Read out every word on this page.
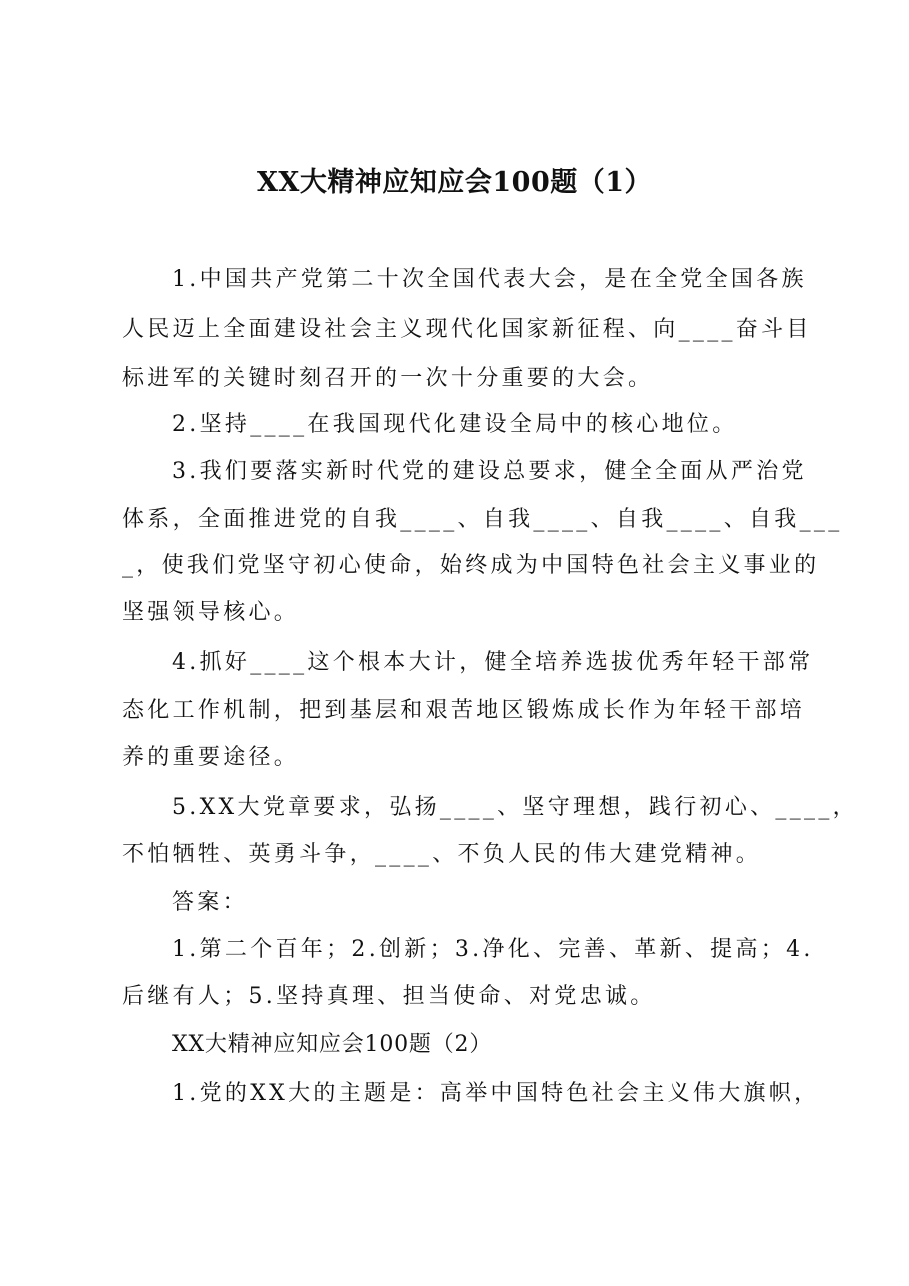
XX大精神应知应会100题（1）
1.中国共产党第二十次全国代表大会，是在全党全国各族
人民迈上全面建设社会主义现代化国家新征程、向____奋斗目
标进军的关键时刻召开的一次十分重要的大会。
2.坚持____在我国现代化建设全局中的核心地位。
3.我们要落实新时代党的建设总要求，健全全面从严治党
体系，全面推进党的自我____、自我____、自我____、自我___
_，使我们党坚守初心使命，始终成为中国特色社会主义事业的
坚强领导核心。
4.抓好____这个根本大计，健全培养选拔优秀年轻干部常
态化工作机制，把到基层和艰苦地区锻炼成长作为年轻干部培
养的重要途径。
5.XX大党章要求，弘扬____、坚守理想，践行初心、____，
不怕牺牲、英勇斗争，____、不负人民的伟大建党精神。
答案：
1.第二个百年；2.创新；3.净化、完善、革新、提高；4.
后继有人；5.坚持真理、担当使命、对党忠诚。
XX大精神应知应会100题（2）
1.党的XX大的主题是：高举中国特色社会主义伟大旗帜，
